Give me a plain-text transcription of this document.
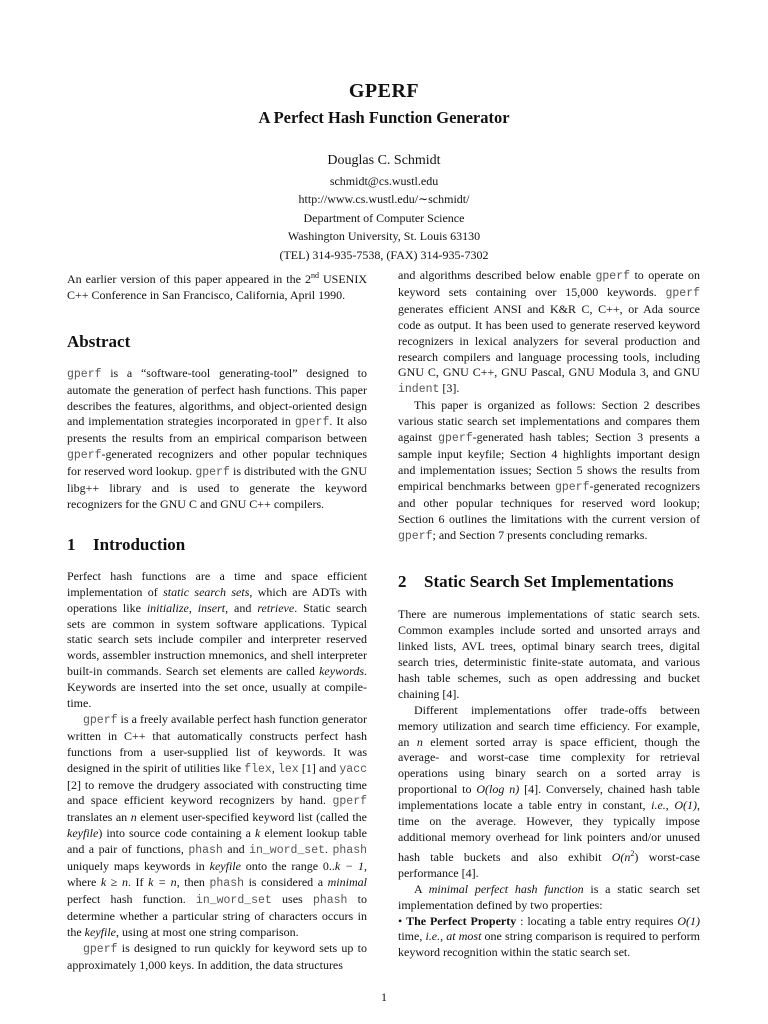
GPERF
A Perfect Hash Function Generator
Douglas C. Schmidt
schmidt@cs.wustl.edu
http://www.cs.wustl.edu/∼schmidt/
Department of Computer Science
Washington University, St. Louis 63130
(TEL) 314-935-7538, (FAX) 314-935-7302

An earlier version of this paper appeared in the 2nd USENIX C++ Conference in San Francisco, California, April 1990.

Abstract

gperf is a “software-tool generating-tool” designed to automate the generation of perfect hash functions. This paper describes the features, algorithms, and object-oriented design and implementation strategies incorporated in gperf. It also presents the results from an empirical comparison between gperf-generated recognizers and other popular techniques for reserved word lookup. gperf is distributed with the GNU libg++ library and is used to generate the keyword recognizers for the GNU C and GNU C++ compilers.

1 Introduction

Perfect hash functions are a time and space efficient implementation of static search sets, which are ADTs with operations like initialize, insert, and retrieve. Static search sets are common in system software applications. Typical static search sets include compiler and interpreter reserved words, assembler instruction mnemonics, and shell interpreter built-in commands. Search set elements are called keywords. Keywords are inserted into the set once, usually at compile-time.

gperf is a freely available perfect hash function generator written in C++ that automatically constructs perfect hash functions from a user-supplied list of keywords. It was designed in the spirit of utilities like flex, lex [1] and yacc [2] to remove the drudgery associated with constructing time and space efficient keyword recognizers by hand. gperf translates an n element user-specified keyword list (called the keyfile) into source code containing a k element lookup table and a pair of functions, phash and in_word_set. phash uniquely maps keywords in keyfile onto the range 0..k − 1, where k ≥ n. If k = n, then phash is considered a minimal perfect hash function. in_word_set uses phash to determine whether a particular string of characters occurs in the keyfile, using at most one string comparison.

gperf is designed to run quickly for keyword sets up to approximately 1,000 keys. In addition, the data structures

and algorithms described below enable gperf to operate on keyword sets containing over 15,000 keywords. gperf generates efficient ANSI and K&R C, C++, or Ada source code as output. It has been used to generate reserved keyword recognizers in lexical analyzers for several production and research compilers and language processing tools, including GNU C, GNU C++, GNU Pascal, GNU Modula 3, and GNU indent [3].

This paper is organized as follows: Section 2 describes various static search set implementations and compares them against gperf-generated hash tables; Section 3 presents a sample input keyfile; Section 4 highlights important design and implementation issues; Section 5 shows the results from empirical benchmarks between gperf-generated recognizers and other popular techniques for reserved word lookup; Section 6 outlines the limitations with the current version of gperf; and Section 7 presents concluding remarks.

2 Static Search Set Implementations

There are numerous implementations of static search sets. Common examples include sorted and unsorted arrays and linked lists, AVL trees, optimal binary search trees, digital search tries, deterministic finite-state automata, and various hash table schemes, such as open addressing and bucket chaining [4].

Different implementations offer trade-offs between memory utilization and search time efficiency. For example, an n element sorted array is space efficient, though the average- and worst-case time complexity for retrieval operations using binary search on a sorted array is proportional to O(log n) [4]. Conversely, chained hash table implementations locate a table entry in constant, i.e., O(1), time on the average. However, they typically impose additional memory overhead for link pointers and/or unused hash table buckets and also exhibit $O(n^2)$ worst-case performance [4].

A minimal perfect hash function is a static search set implementation defined by two properties:

• The Perfect Property : locating a table entry requires O(1) time, i.e., at most one string comparison is required to perform keyword recognition within the static search set.

1
